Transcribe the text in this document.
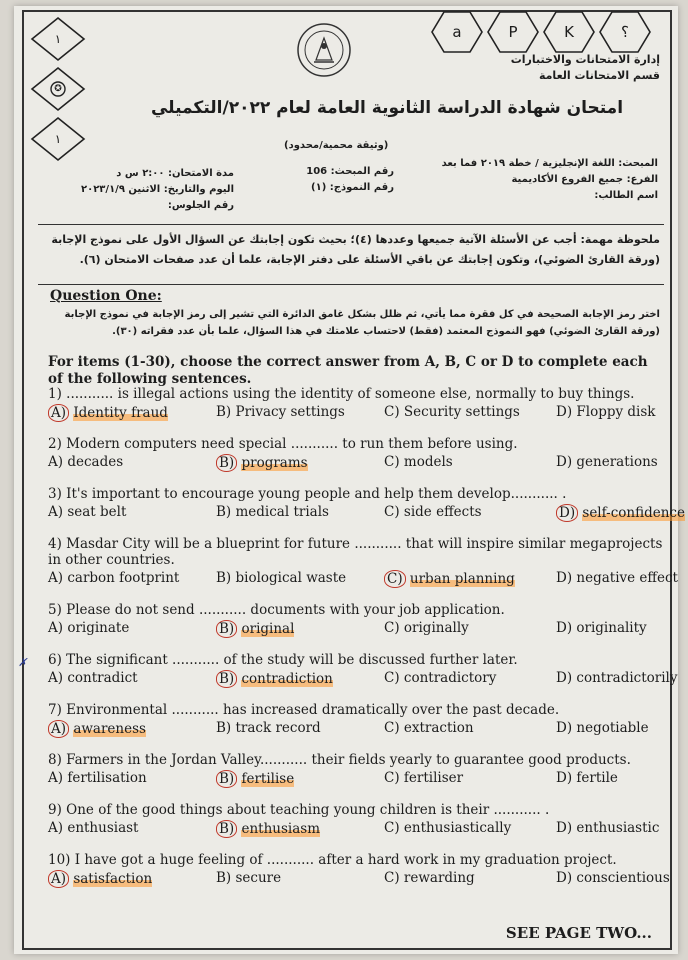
a	P	K	؟
١
✪
١
إدارة الامتحانات والاختبارات
قسم الامتحانات العامة
امتحان شهادة الدراسة الثانوية العامة لعام ٢٠٢٢/التكميلي
(وثيقة محمية/محدود)
المبحث: اللغة الإنجليزية / خطة ٢٠١٩ فما بعد
الفرع: جميع الفروع الأكاديمية
اسم الطالب:
رقم المبحث: 106
رقم النموذج: (١)
مدة الامتحان: ٢:٠٠ س د
اليوم والتاريخ: الاثنين ٢٠٢٣/١/٩
رقم الجلوس:
ملحوظة مهمة: أجب عن الأسئلة الآتية جميعها وعددها (٤)؛ بحيث تكون إجابتك عن السؤال الأول على نموذج الإجابة (ورقة القارئ الضوئي)، وتكون إجابتك عن باقي الأسئلة على دفتر الإجابة، علما أن عدد صفحات الامتحان (٦).
Question One:
اختر رمز الإجابة الصحيحة في كل فقرة مما يأتي، ثم ظلل بشكل غامق الدائرة التي تشير إلى رمز الإجابة في نموذج الإجابة (ورقة القارئ الضوئي) فهو النموذج المعتمد (فقط) لاحتساب علامتك في هذا السؤال، علما بأن عدد فقراته (٣٠).
For items (1-30), choose the correct answer from A, B, C or D to complete each of the following sentences.
1) ........... is illegal actions using the identity of someone else, normally to buy things.
A) Identity fraud	B) Privacy settings	C) Security settings	D) Floppy disk
2) Modern computers need special ........... to run them before using.
A) decades	B) programs	C) models	D) generations
3) It's important to encourage young people and help them develop........... .
A) seat belt	B) medical trials	C) side effects	D) self-confidence
4) Masdar City will be a blueprint for future ........... that will inspire similar megaprojects
in other countries.
A) carbon footprint	B) biological waste	C) urban planning	D) negative effect
5) Please do not send ........... documents with your job application.
A) originate	B) original	C) originally	D) originality
✗ 6) The significant ........... of the study will be discussed further later.
A) contradict	B) contradiction	C) contradictory	D) contradictorily
7) Environmental ........... has increased dramatically over the past decade.
A) awareness	B) track record	C) extraction	D) negotiable
8) Farmers in the Jordan Valley........... their fields yearly to guarantee good products.
A) fertilisation	B) fertilise	C) fertiliser	D) fertile
9) One of the good things about teaching young children is their ........... .
A) enthusiast	B) enthusiasm	C) enthusiastically	D) enthusiastic
10) I have got a huge feeling of ........... after a hard work in my graduation project.
A) satisfaction	B) secure	C) rewarding	D) conscientious
SEE PAGE TWO...
